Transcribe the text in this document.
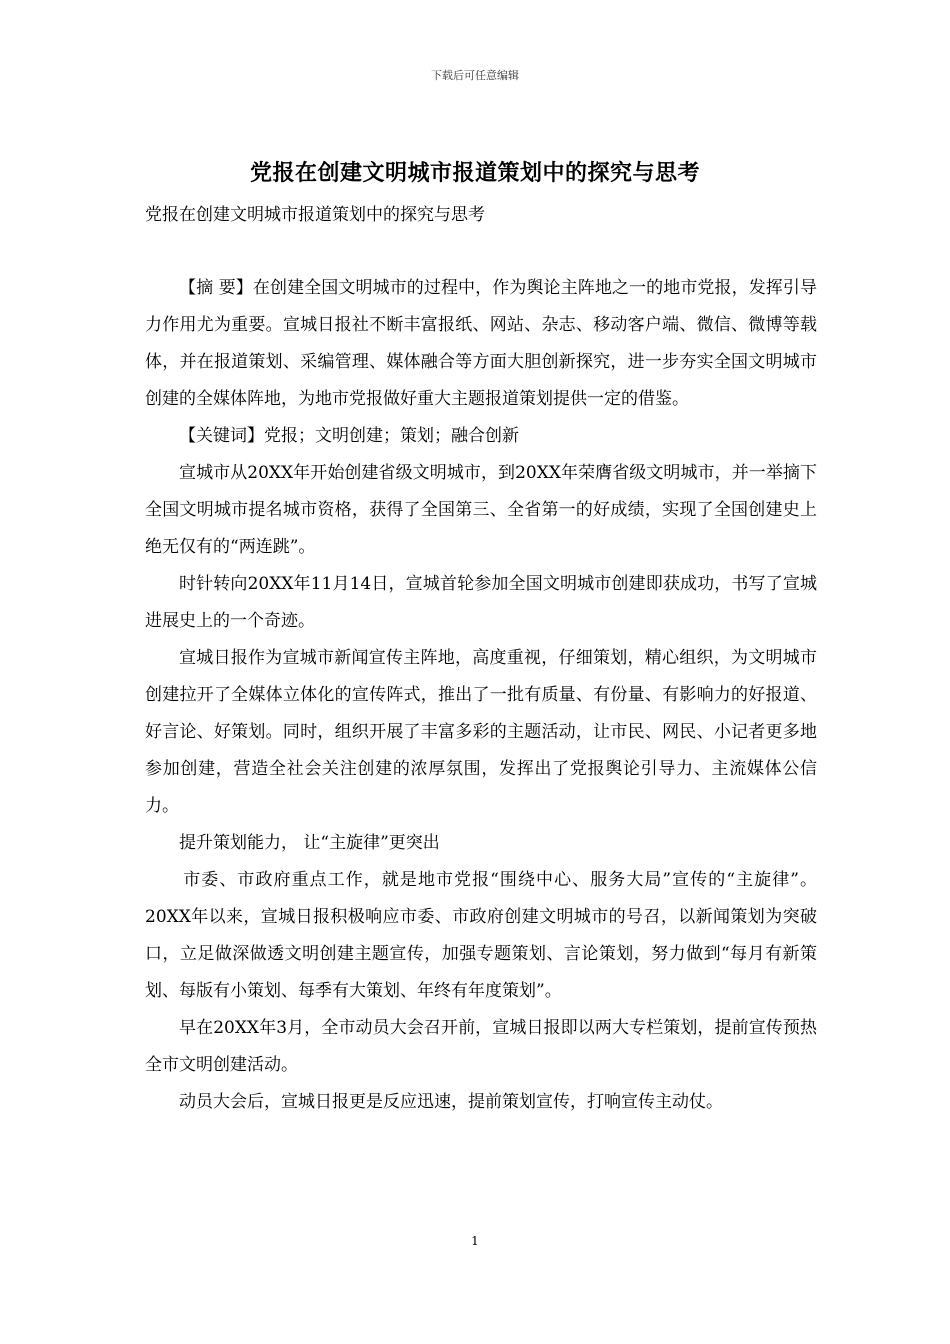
下载后可任意编辑
党报在创建文明城市报道策划中的探究与思考
党报在创建文明城市报道策划中的探究与思考

【摘 要】在创建全国文明城市的过程中，作为舆论主阵地之一的地市党报，发挥引导力作用尤为重要。宣城日报社不断丰富报纸、网站、杂志、移动客户端、微信、微博等载体，并在报道策划、采编管理、媒体融合等方面大胆创新探究，进一步夯实全国文明城市创建的全媒体阵地，为地市党报做好重大主题报道策划提供一定的借鉴。

【关键词】党报；文明创建；策划；融合创新

宣城市从20XX年开始创建省级文明城市，到20XX年荣膺省级文明城市，并一举摘下全国文明城市提名城市资格，获得了全国第三、全省第一的好成绩，实现了全国创建史上绝无仅有的“两连跳”。

时针转向20XX年11月14日，宣城首轮参加全国文明城市创建即获成功，书写了宣城进展史上的一个奇迹。

宣城日报作为宣城市新闻宣传主阵地，高度重视，仔细策划，精心组织，为文明城市创建拉开了全媒体立体化的宣传阵式，推出了一批有质量、有份量、有影响力的好报道、好言论、好策划。同时，组织开展了丰富多彩的主题活动，让市民、网民、小记者更多地参加创建，营造全社会关注创建的浓厚氛围，发挥出了党报舆论引导力、主流媒体公信力。

提升策划能力， 让“主旋律”更突出

市委、市政府重点工作，就是地市党报“围绕中心、服务大局”宣传的“主旋律”。20XX年以来，宣城日报积极响应市委、市政府创建文明城市的号召，以新闻策划为突破口，立足做深做透文明创建主题宣传，加强专题策划、言论策划，努力做到“每月有新策划、每版有小策划、每季有大策划、年终有年度策划”。

早在20XX年3月，全市动员大会召开前，宣城日报即以两大专栏策划，提前宣传预热全市文明创建活动。

动员大会后，宣城日报更是反应迅速，提前策划宣传，打响宣传主动仗。

1
